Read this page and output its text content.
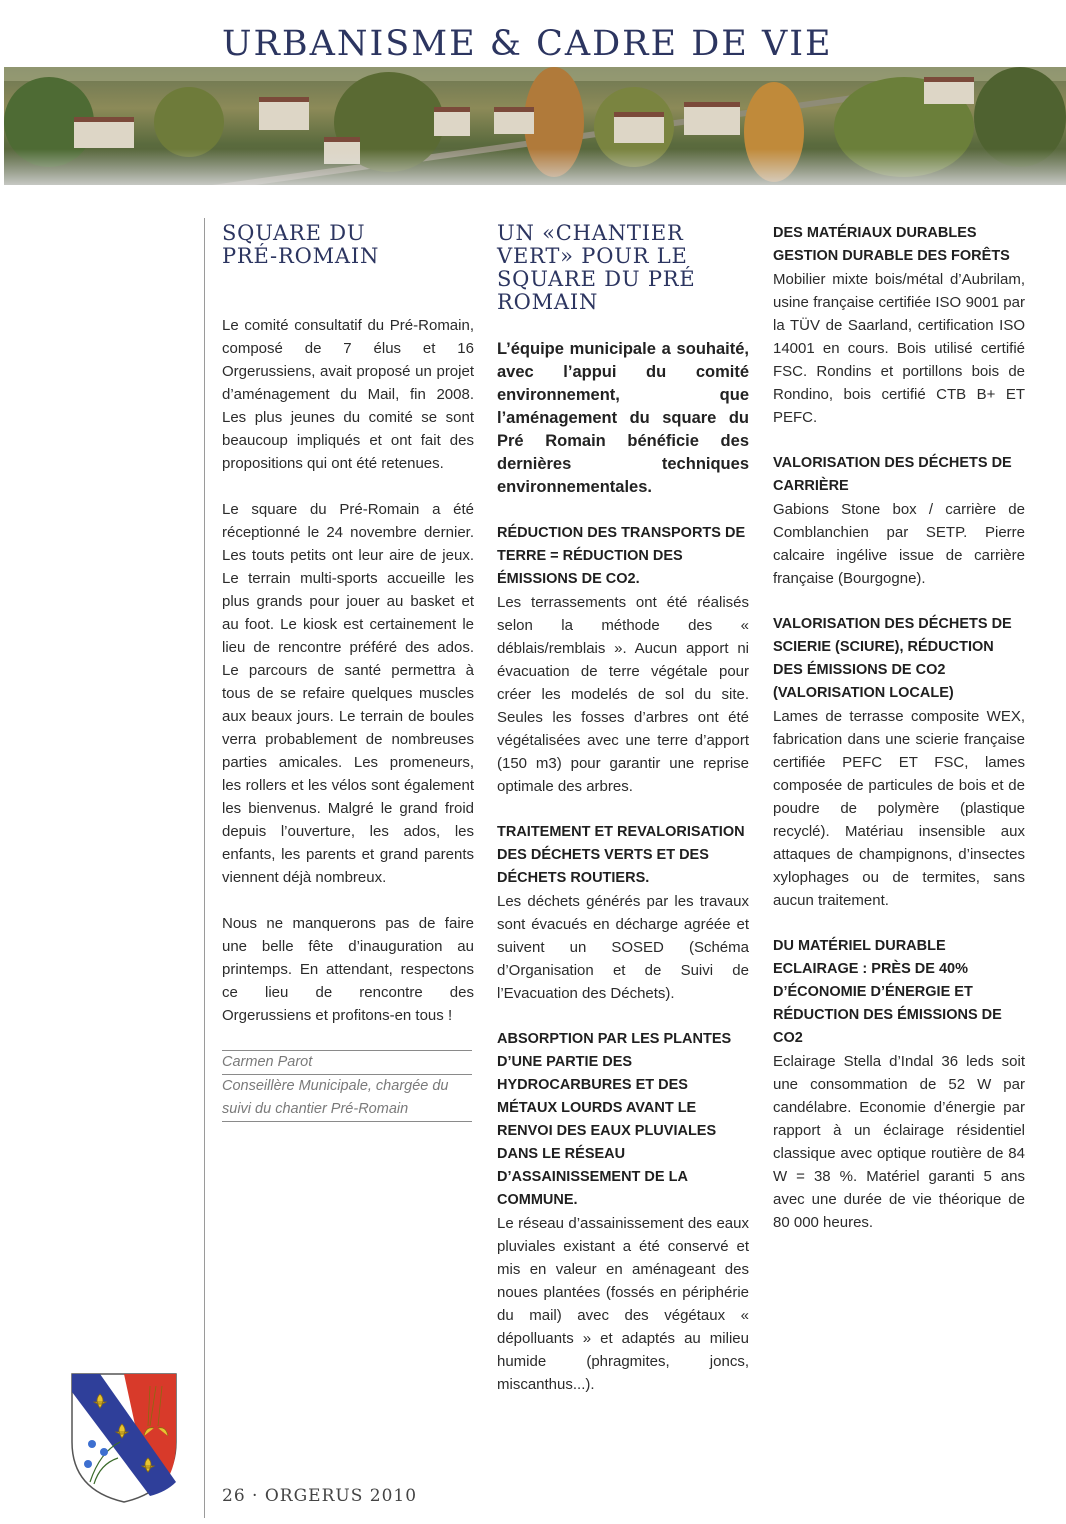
URBANISME & CADRE DE VIE
SQUARE DU
PRÉ-ROMAIN

Le comité consultatif du Pré-Romain, composé de 7 élus et 16 Orgerussiens, avait proposé un projet d’aménagement du Mail, fin 2008. Les plus jeunes du comité se sont beaucoup impliqués et ont fait des propositions qui ont été retenues.

Le square du Pré-Romain a été réceptionné le 24 novembre dernier. Les touts petits ont leur aire de jeux. Le terrain multi-sports accueille les plus grands pour jouer au basket et au foot. Le kiosk est certainement le lieu de rencontre préféré des ados. Le parcours de santé permettra à tous de se refaire quelques muscles aux beaux jours. Le terrain de boules verra probablement de nombreuses parties amicales. Les promeneurs, les rollers et les vélos sont également les bienvenus. Malgré le grand froid depuis l’ouverture, les ados, les enfants, les parents et grand parents viennent déjà nombreux.

Nous ne manquerons pas de faire une belle fête d’inauguration au printemps. En attendant, respectons ce lieu de rencontre des Orgerussiens et profitons-en tous !

Carmen Parot
Conseillère Municipale, chargée du suivi du chantier Pré-Romain
UN «CHANTIER
VERT» POUR LE
SQUARE DU PRÉ
ROMAIN

L’équipe municipale a souhaité, avec l’appui du comité environnement, que l’aménagement du square du Pré Romain bénéficie des dernières techniques environnementales.

RÉDUCTION DES TRANSPORTS DE TERRE = RÉDUCTION DES ÉMISSIONS DE CO2.

Les terrassements ont été réalisés selon la méthode des « déblais/remblais ». Aucun apport ni évacuation de terre végétale pour créer les modelés de sol du site. Seules les fosses d’arbres ont été végétalisées avec une terre d’apport (150 m3) pour garantir une reprise optimale des arbres.

TRAITEMENT ET REVALORISATION DES DÉCHETS VERTS ET DES DÉCHETS ROUTIERS.

Les déchets générés par les travaux sont évacués en décharge agréée et suivent un SOSED (Schéma d’Organisation et de Suivi de l’Evacuation des Déchets).

ABSORPTION PAR LES PLANTES D’UNE PARTIE DES HYDROCARBURES ET DES MÉTAUX LOURDS AVANT LE RENVOI DES EAUX PLUVIALES DANS LE RÉSEAU D’ASSAINISSEMENT DE LA COMMUNE.

Le réseau d’assainissement des eaux pluviales existant a été conservé et mis en valeur en aménageant des noues plantées (fossés en périphérie du mail) avec des végétaux « dépolluants » et adaptés au milieu humide (phragmites, joncs, miscanthus...).

DES MATÉRIAUX DURABLES

GESTION DURABLE DES FORÊTS

Mobilier mixte bois/métal d’Aubrilam, usine française certifiée ISO 9001 par la TÜV de Saarland, certification ISO 14001 en cours. Bois utilisé certifié FSC. Rondins et portillons bois de Rondino, bois certifié CTB B+ ET PEFC.

VALORISATION DES DÉCHETS DE CARRIÈRE

Gabions Stone box / carrière de Comblanchien par SETP. Pierre calcaire ingélive issue de carrière française (Bourgogne).

VALORISATION DES DÉCHETS DE SCIERIE (SCIURE), RÉDUCTION DES ÉMISSIONS DE CO2 (VALORISATION LOCALE)

Lames de terrasse composite WEX, fabrication dans une scierie française certifiée PEFC ET FSC, lames composée de particules de bois et de poudre de polymère (plastique recyclé). Matériau insensible aux attaques de champignons, d’insectes xylophages ou de termites, sans aucun traitement.

DU MATÉRIEL DURABLE ECLAIRAGE : PRÈS DE 40% D’ÉCONOMIE D’ÉNERGIE ET RÉDUCTION DES ÉMISSIONS DE CO2

Eclairage Stella d’Indal 36 leds soit une consommation de 52 W par candélabre. Economie d’énergie par rapport à un éclairage résidentiel classique avec optique routière de 84 W = 38 %. Matériel garanti 5 ans avec une durée de vie théorique de 80 000 heures.

26 · ORGERUS 2010
